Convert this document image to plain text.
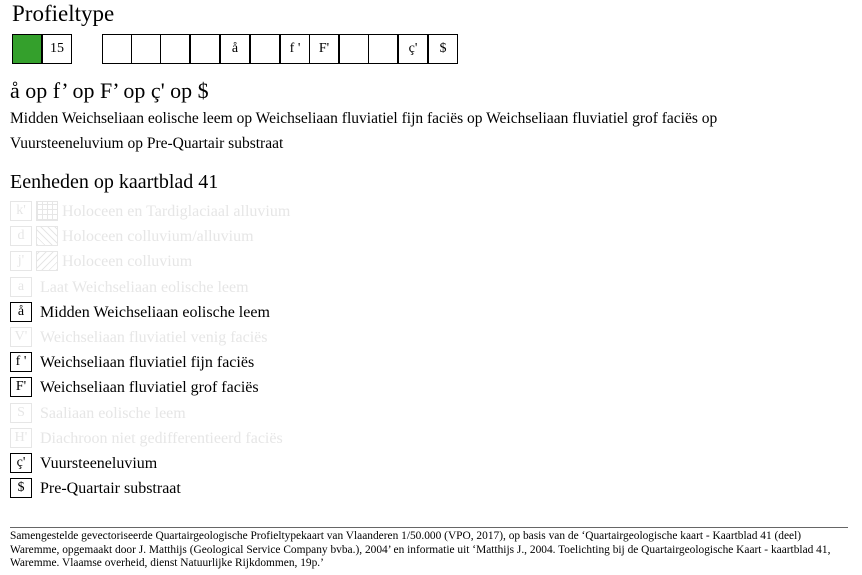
Profieltype
15	å	f '	F'	ç'	$
å op f’ op F’ op ç' op $
Midden Weichseliaan eolische leem op Weichseliaan fluviatiel fijn faciës op Weichseliaan fluviatiel grof faciës op Vuursteeneluvium op Pre-Quartair substraat
Eenheden op kaartblad 41
k'	Holoceen en Tardiglaciaal alluvium
d	Holoceen colluvium/alluvium
j'	Holoceen colluvium
a Laat Weichseliaan eolische leem
å Midden Weichseliaan eolische leem
V' Weichseliaan fluviatiel venig faciës
f ' Weichseliaan fluviatiel fijn faciës
F' Weichseliaan fluviatiel grof faciës
S Saaliaan eolische leem
H' Diachroon niet gedifferentieerd faciës
ç' Vuursteeneluvium
$ Pre-Quartair substraat
Samengestelde gevectoriseerde Quartairgeologische Profieltypekaart van Vlaanderen 1/50.000 (VPO, 2017), op basis van de ‘Quartairgeologische kaart - Kaartblad 41 (deel) Waremme, opgemaakt door J. Matthijs (Geological Service Company bvba.), 2004’ en informatie uit ‘Matthijs J., 2004. Toelichting bij de Quartairgeologische Kaart - kaartblad 41, Waremme. Vlaamse overheid, dienst Natuurlijke Rijkdommen, 19p.’
